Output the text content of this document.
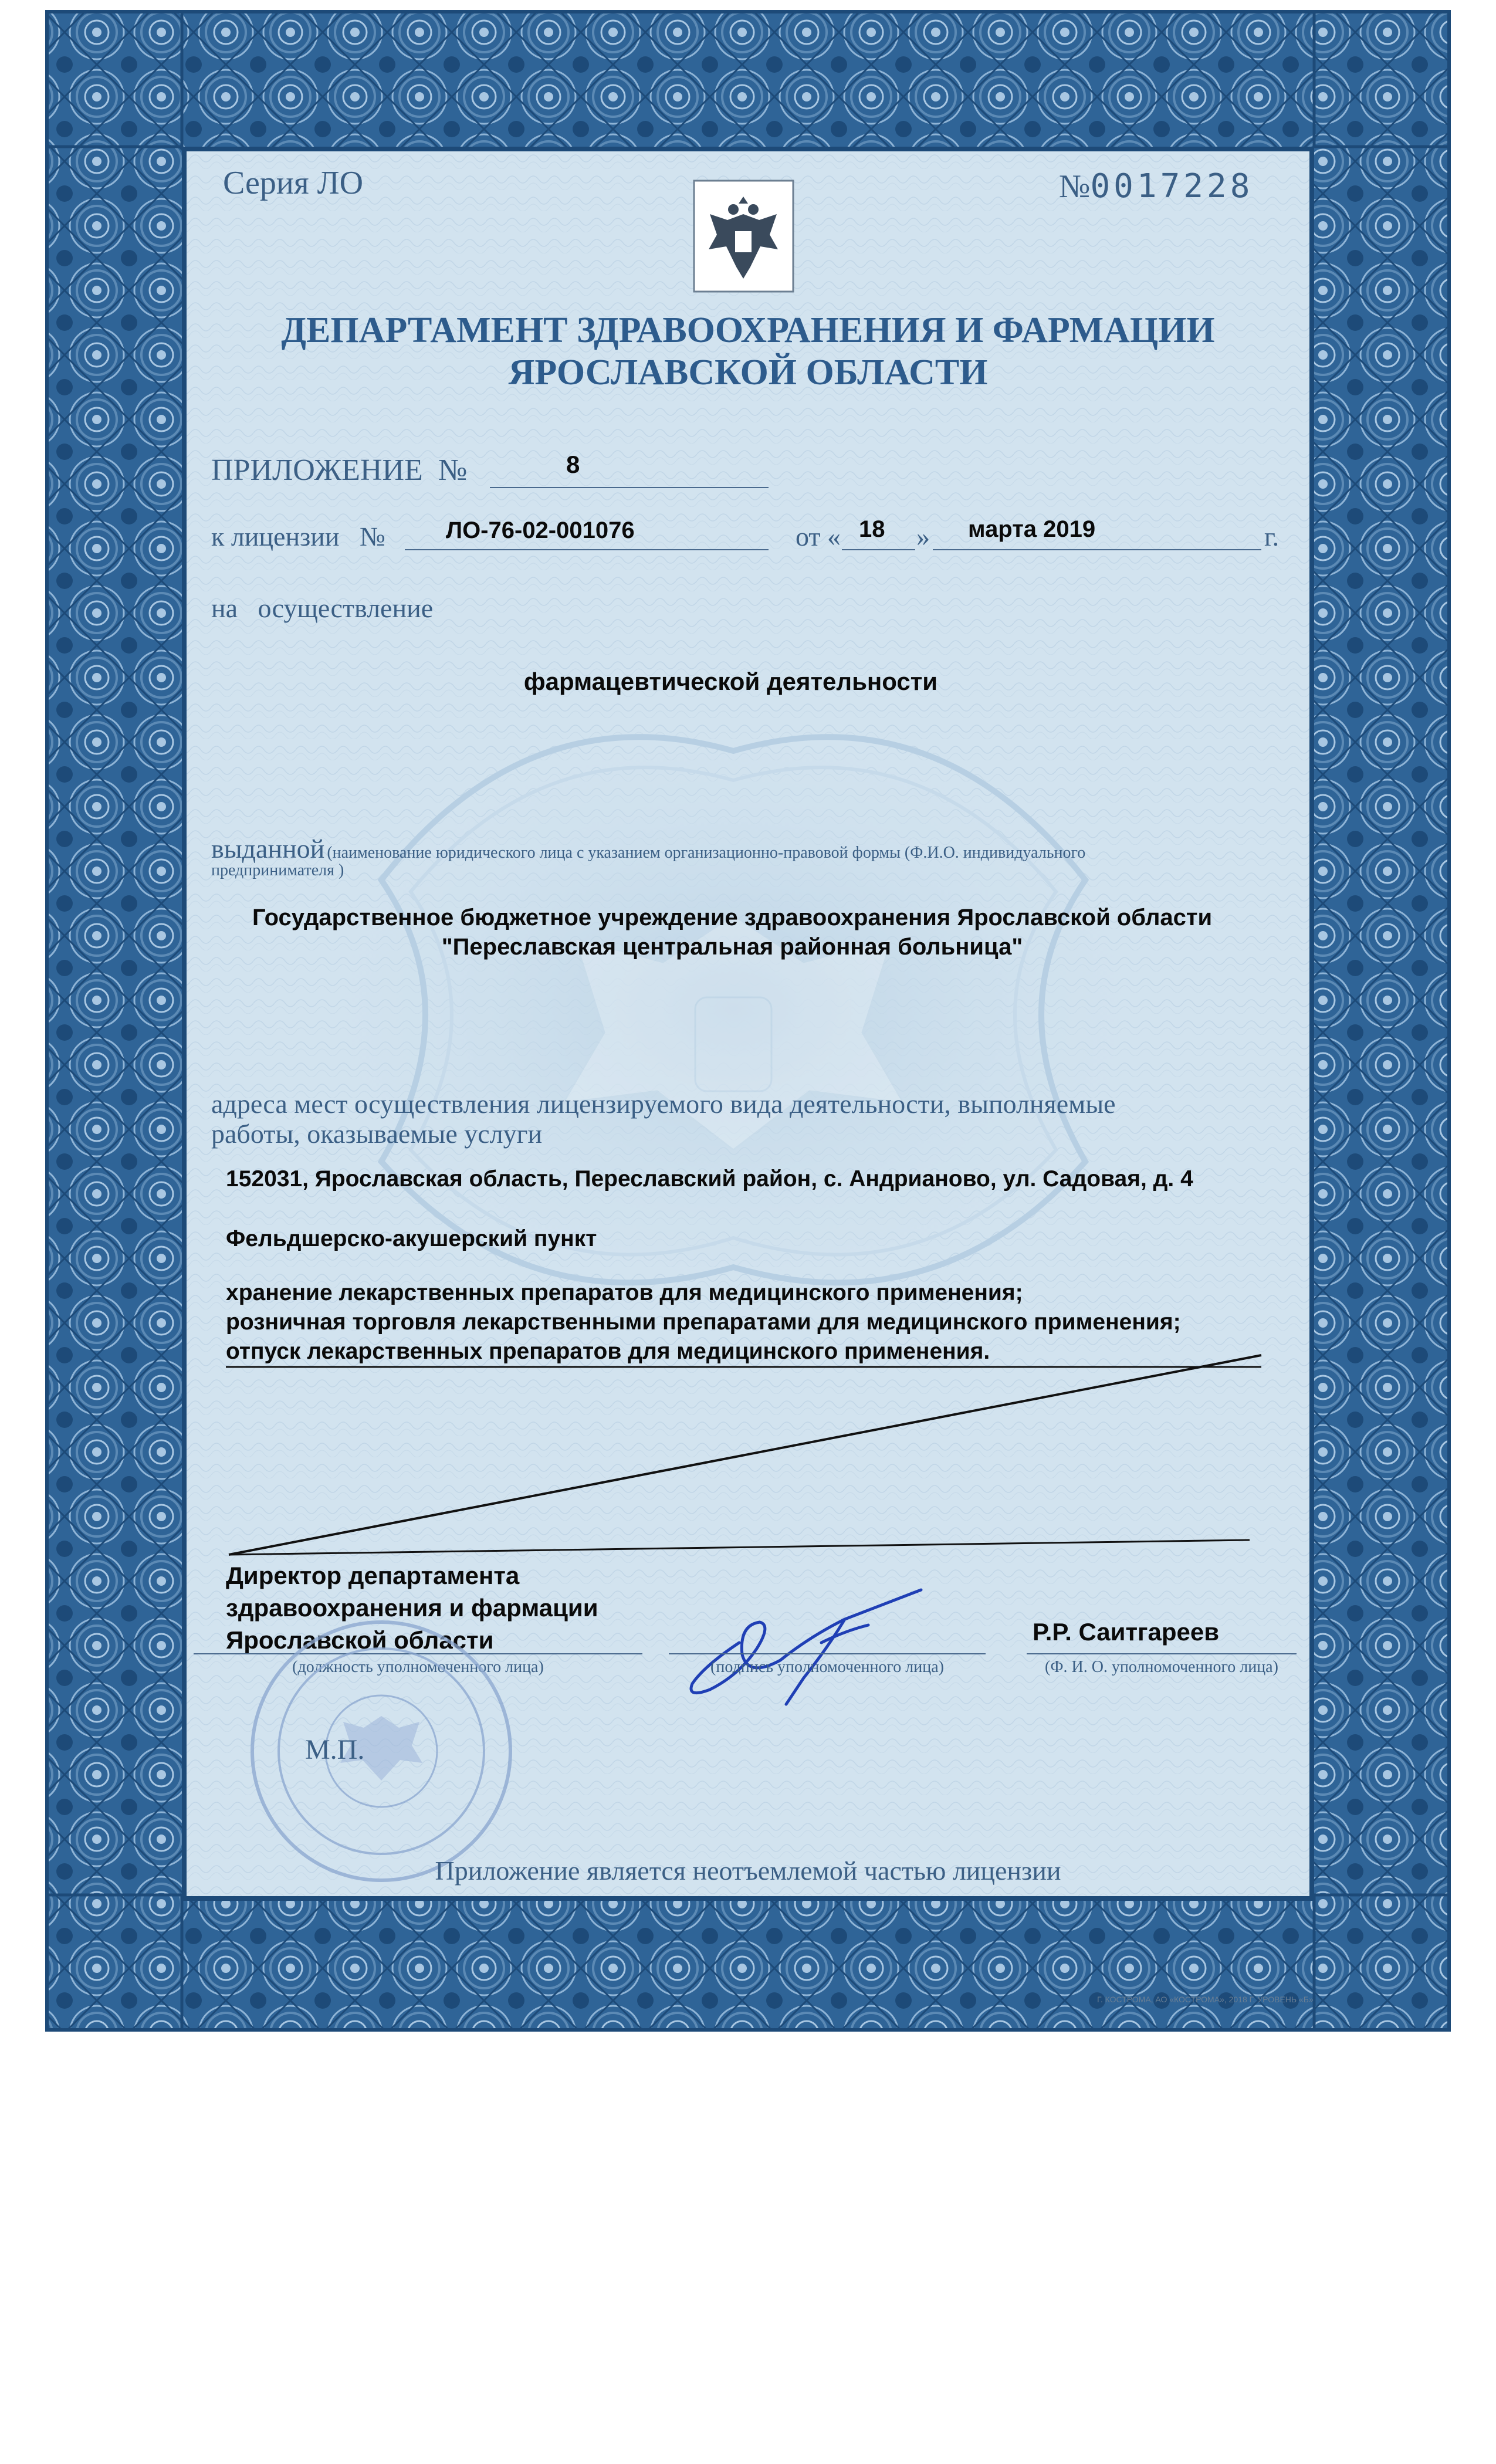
Серия ЛО	№0017228
ДЕПАРТАМЕНТ ЗДРАВООХРАНЕНИЯ И ФАРМАЦИИ
ЯРОСЛАВСКОЙ ОБЛАСТИ
ПРИЛОЖЕНИЕ  №	8
к лицензии   №	ЛО-76-02-001076	от « 18 » марта 2019	г.
на   осуществление
фармацевтической деятельности
выданной (наименование юридического лица с указанием организационно-правовой формы (Ф.И.О. индивидуального
предпринимателя )
Государственное бюджетное учреждение здравоохранения Ярославской области
"Переславская центральная районная больница"
адреса мест осуществления лицензируемого вида деятельности, выполняемые
работы, оказываемые услуги
152031, Ярославская область, Переславский район, с. Андрианово, ул. Садовая, д. 4
Фельдшерско-акушерский пункт
хранение лекарственных препаратов для медицинского применения;
розничная торговля лекарственными препаратами для медицинского применения;
отпуск лекарственных препаратов для медицинского применения.
Директор департамента
здравоохранения и фармации
Ярославской области
(должность уполномоченного лица)	(подпись уполномоченного лица)
Р.Р. Саитгареев
(Ф. И. О. уполномоченного лица)
М.П.
Приложение является неотъемлемой частью лицензии
Г. КОСТРОМА, АО «КОСТРОМА», 2018 Г. УРОВЕНЬ «Б»
